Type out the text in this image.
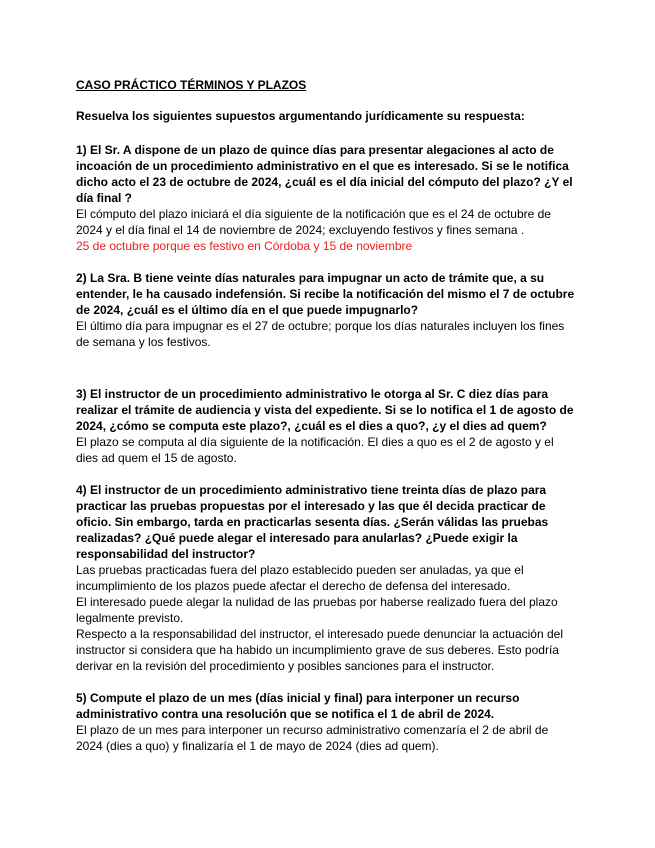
CASO PRÁCTICO TÉRMINOS Y PLAZOS

Resuelva los siguientes supuestos argumentando jurídicamente su respuesta:

1) El Sr. A dispone de un plazo de quince días para presentar alegaciones al acto de incoación de un procedimiento administrativo en el que es interesado. Si se le notifica dicho acto el 23 de octubre de 2024, ¿cuál es el día inicial del cómputo del plazo? ¿Y el día final ?

El cómputo del plazo iniciará el día siguiente de la notificación que es el 24 de octubre de 2024 y el día final el 14 de noviembre de 2024; excluyendo festivos y fines semana .

25 de octubre porque es festivo en Córdoba y 15 de noviembre

2) La Sra. B tiene veinte días naturales para impugnar un acto de trámite que, a su entender, le ha causado indefensión. Si recibe la notificación del mismo el 7 de octubre de 2024, ¿cuál es el último día en el que puede impugnarlo?

El último día para impugnar es el 27 de octubre; porque los días naturales incluyen los fines de semana y los festivos.

3) El instructor de un procedimiento administrativo le otorga al Sr. C diez días para realizar el trámite de audiencia y vista del expediente. Si se lo notifica el 1 de agosto de 2024, ¿cómo se computa este plazo?, ¿cuál es el dies a quo?, ¿y el dies ad quem?

El plazo se computa al día siguiente de la notificación. El dies a quo es el 2 de agosto y el dies ad quem el 15 de agosto.

4) El instructor de un procedimiento administrativo tiene treinta días de plazo para practicar las pruebas propuestas por el interesado y las que él decida practicar de oficio. Sin embargo, tarda en practicarlas sesenta días. ¿Serán válidas las pruebas realizadas? ¿Qué puede alegar el interesado para anularlas? ¿Puede exigir la responsabilidad del instructor?

Las pruebas practicadas fuera del plazo establecido pueden ser anuladas, ya que el incumplimiento de los plazos puede afectar el derecho de defensa del interesado.

El interesado puede alegar la nulidad de las pruebas por haberse realizado fuera del plazo legalmente previsto.

Respecto a la responsabilidad del instructor, el interesado puede denunciar la actuación del instructor si considera que ha habido un incumplimiento grave de sus deberes. Esto podría derivar en la revisión del procedimiento y posibles sanciones para el instructor.

5) Compute el plazo de un mes (días inicial y final) para interponer un recurso administrativo contra una resolución que se notifica el 1 de abril de 2024.

El plazo de un mes para interponer un recurso administrativo comenzaría el 2 de abril de 2024 (dies a quo) y finalizaría el 1 de mayo de 2024 (dies ad quem).
